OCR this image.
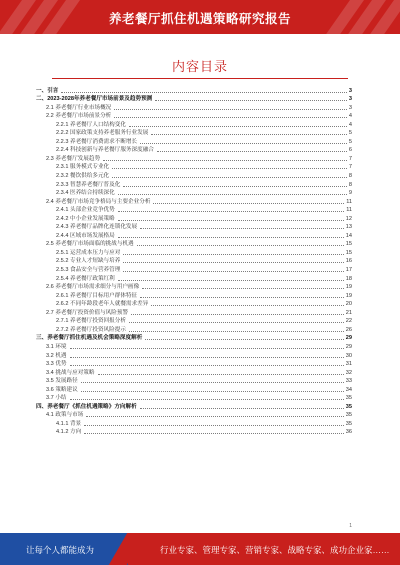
养老餐厅抓住机遇策略研究报告
内容目录
一、引言	3
二、2023-2028年养老餐厅市场前景及趋势预测	3
2.1 养老餐厅行业市场概况	3
2.2 养老餐厅市场前景分析	4
2.2.1 养老餐厅人口结构变化	4
2.2.2 国家政策支持养老服务行业发展	5
2.2.3 养老餐厅消费需求不断增长	5
2.2.4 科技创新与养老餐厅服务深度融合	6
2.3 养老餐厅发展趋势	7
2.3.1 服务模式专业化	7
2.3.2 餐饮供给多元化	8
2.3.3 智慧养老餐厅普及化	8
2.3.4 医养结合持续深化	9
2.4 养老餐厅市场竞争格局与主要企业分析	11
2.4.1 头部企业竞争优势	11
2.4.2 中小企业发展策略	12
2.4.3 养老餐厅品牌化连锁化发展	13
2.4.4 区域市场发展格局	14
2.5 养老餐厅市场面临的挑战与机遇	15
2.5.1 运营成本压力与应对	15
2.5.2 专业人才短缺与培养	16
2.5.3 食品安全与营养管理	17
2.5.4 养老餐厅政策红利	18
2.6 养老餐厅市场需求细分与用户画像	19
2.6.1 养老餐厅目标用户群体特征	19
2.6.2 不同年龄段老年人就餐需求差异	20
2.7 养老餐厅投资价值与风险预警	21
2.7.1 养老餐厅投资回报分析	22
2.7.2 养老餐厅投资风险提示	26
三、养老餐厅抓住机遇及机会策略深度解析	29
3.1 环境	29
3.2 机遇	30
3.3 优势	31
3.4 挑战与应对策略	32
3.5 发展路径	33
3.6 策略建议	34
3.7 小结	35
四、养老餐厅《抓住机遇策略》方向解析	35
4.1 政策与市场	35
4.1.1 背景	35
4.1.2 方向	36
1
让每个人都能成为	行业专家、管理专家、营销专家、战略专家、成功企业家……
